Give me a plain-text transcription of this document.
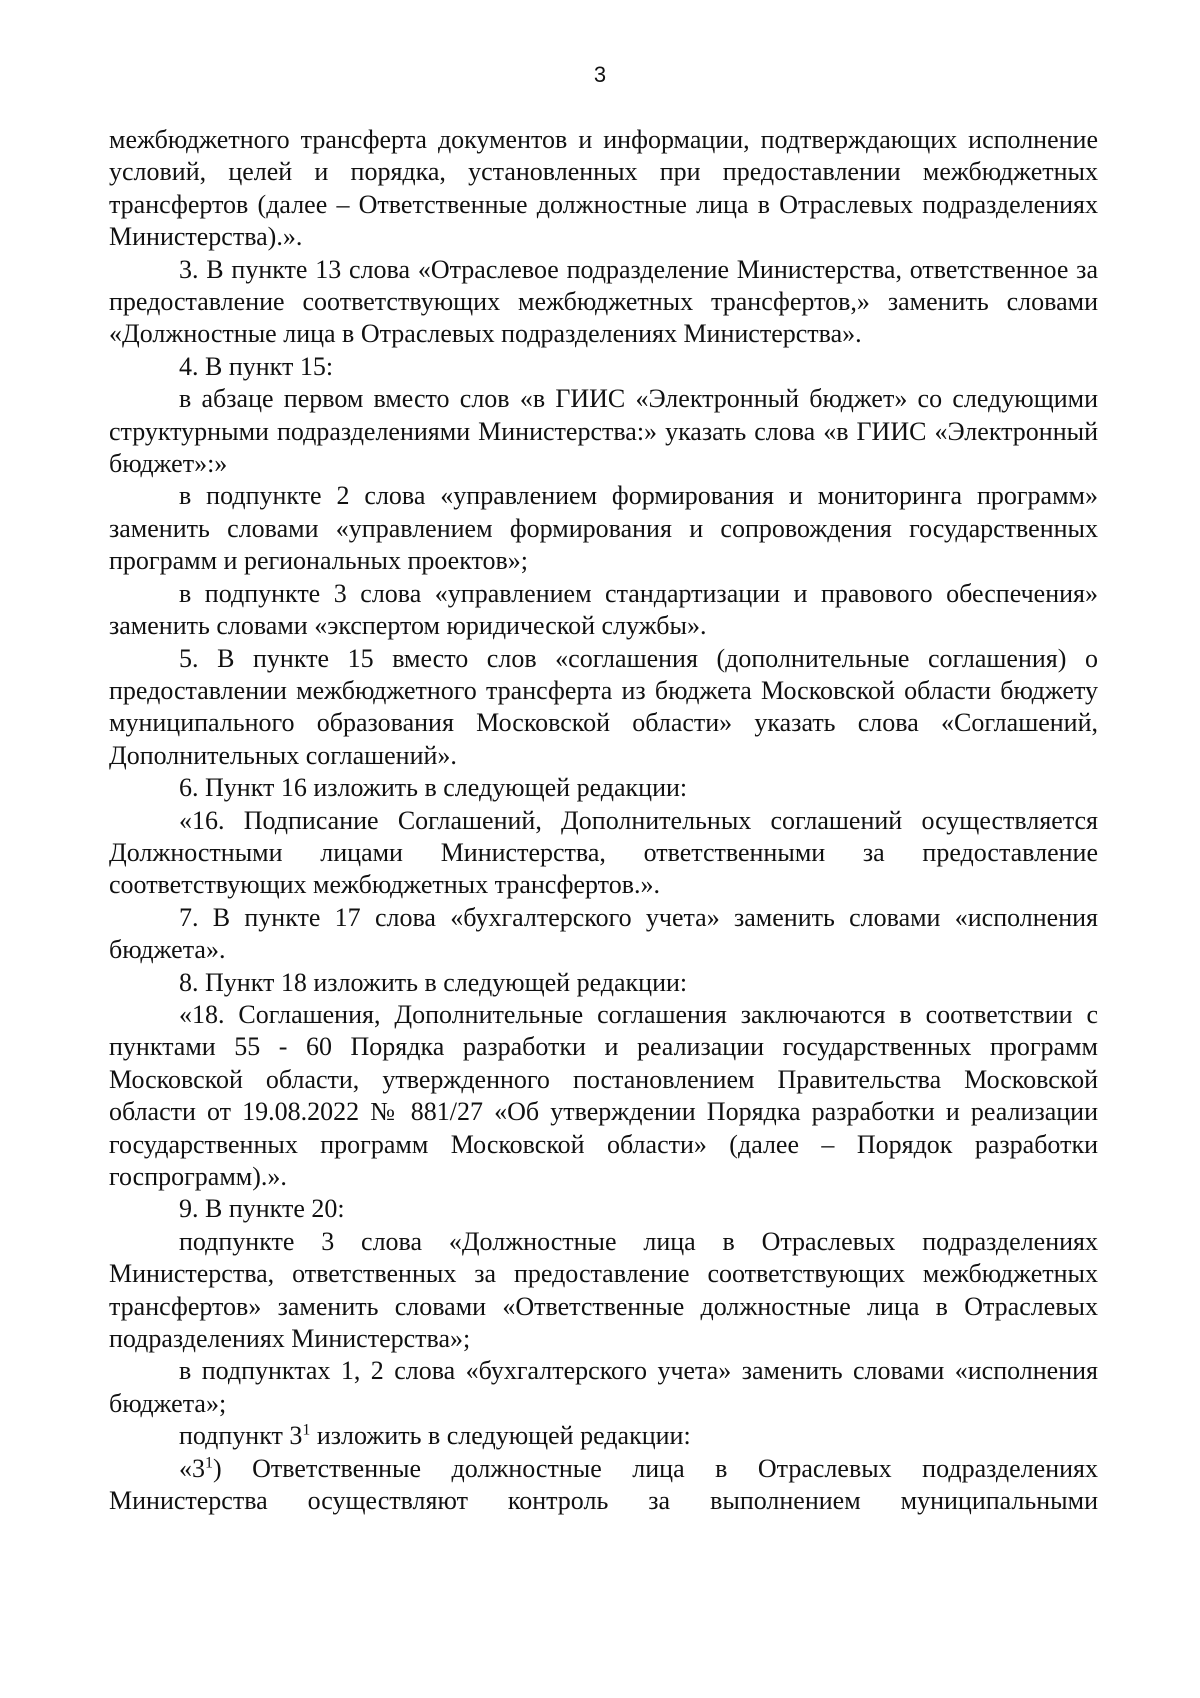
3

межбюджетного трансферта документов и информации, подтверждающих исполнение условий, целей и порядка, установленных при предоставлении межбюджетных трансфертов (далее – Ответственные должностные лица в Отраслевых подразделениях Министерства).».

3. В пункте 13 слова «Отраслевое подразделение Министерства, ответственное за предоставление соответствующих межбюджетных трансфертов,» заменить словами «Должностные лица в Отраслевых подразделениях Министерства».

4. В пункт 15:

в абзаце первом вместо слов «в ГИИС «Электронный бюджет» со следующими структурными подразделениями Министерства:» указать слова «в ГИИС «Электронный бюджет»:»

в подпункте 2 слова «управлением формирования и мониторинга программ» заменить словами «управлением формирования и сопровождения государственных программ и региональных проектов»;

в подпункте 3 слова «управлением стандартизации и правового обеспечения» заменить словами «экспертом юридической службы».

5. В пункте 15 вместо слов «соглашения (дополнительные соглашения) о предоставлении межбюджетного трансферта из бюджета Московской области бюджету муниципального образования Московской области» указать слова «Соглашений, Дополнительных соглашений».

6. Пункт 16 изложить в следующей редакции:

«16. Подписание Соглашений, Дополнительных соглашений осуществляется Должностными лицами Министерства, ответственными за предоставление соответствующих межбюджетных трансфертов.».

7. В пункте 17 слова «бухгалтерского учета» заменить словами «исполнения бюджета».

8. Пункт 18 изложить в следующей редакции:

«18. Соглашения, Дополнительные соглашения заключаются в соответствии с пунктами 55 - 60 Порядка разработки и реализации государственных программ Московской области, утвержденного постановлением Правительства Московской области от 19.08.2022 № 881/27 «Об утверждении Порядка разработки и реализации государственных программ Московской области» (далее – Порядок разработки госпрограмм).».

9. В пункте 20:

подпункте 3 слова «Должностные лица в Отраслевых подразделениях Министерства, ответственных за предоставление соответствующих межбюджетных трансфертов» заменить словами «Ответственные должностные лица в Отраслевых подразделениях Министерства»;

в подпунктах 1, 2 слова «бухгалтерского учета» заменить словами «исполнения бюджета»;

подпункт $3^1$ изложить в следующей редакции:

«$3^1$) Ответственные должностные лица в Отраслевых подразделениях Министерства осуществляют контроль за выполнением муниципальными
